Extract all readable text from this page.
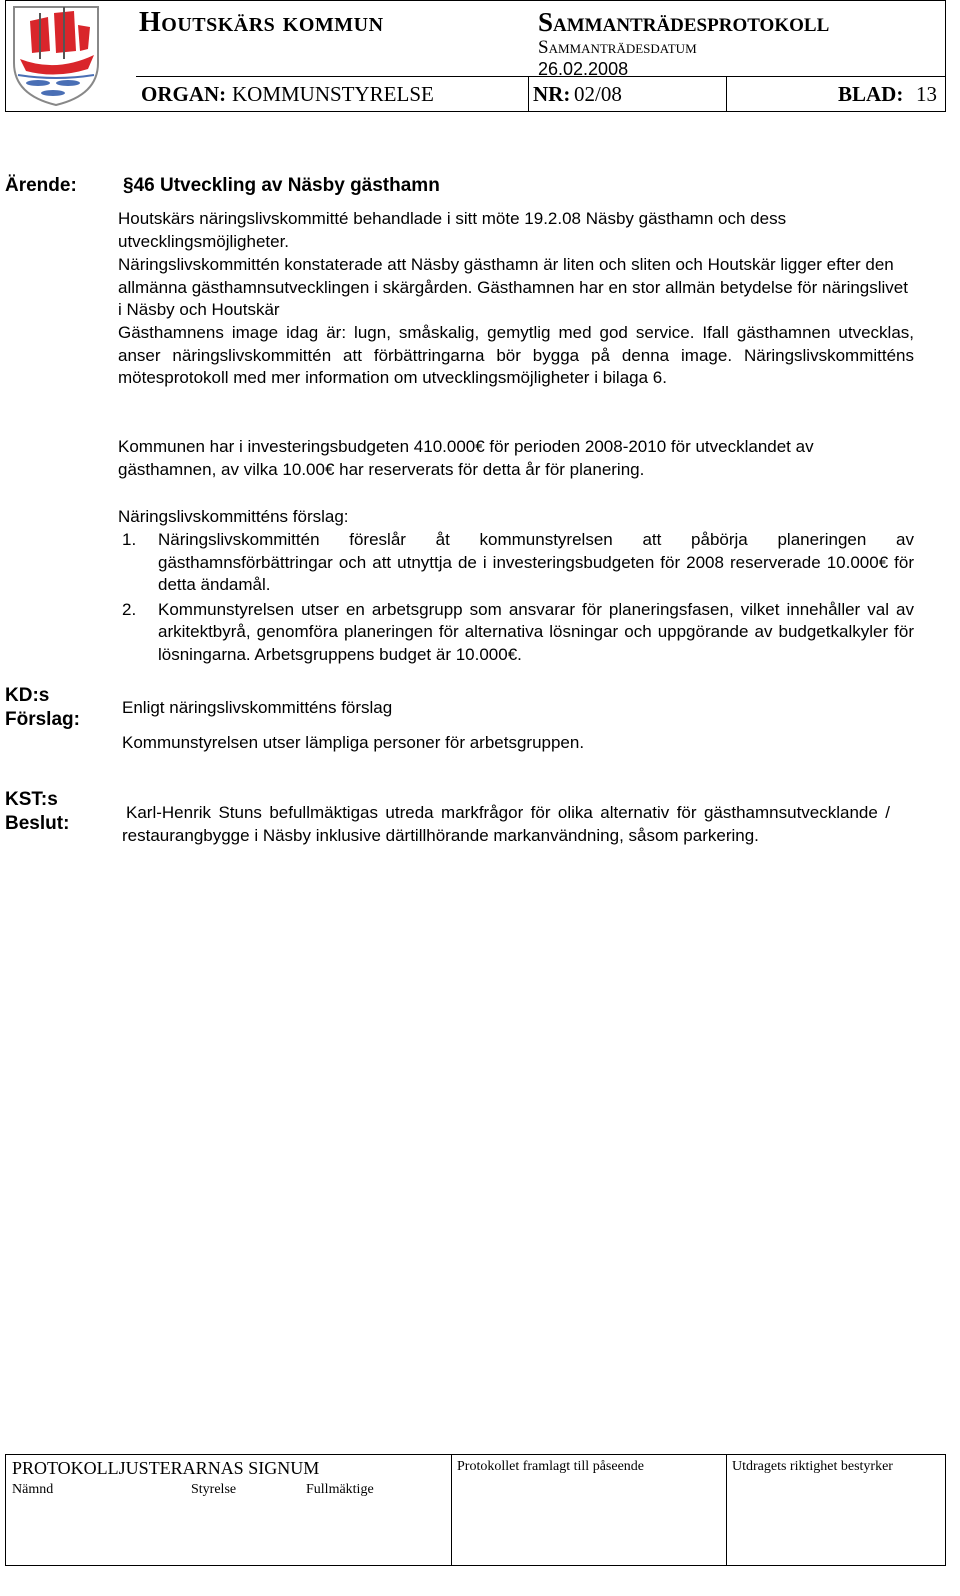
Houtskärs kommun	Sammanträdesprotokoll
Sammanträdesdatum
26.02.2008
ORGAN: KOMMUNSTYRELSE	NR: 02/08	BLAD: 13
Ärende: §46 Utveckling av Näsby gästhamn
Houtskärs näringslivskommitté behandlade i sitt möte 19.2.08 Näsby gästhamn och dess utvecklingsmöjligheter.
Näringslivskommittén konstaterade att Näsby gästhamn är liten och sliten och Houtskär ligger efter den allmänna gästhamnsutvecklingen i skärgården. Gästhamnen har en stor allmän betydelse för näringslivet i Näsby och Houtskär
Gästhamnens image idag är: lugn, småskalig, gemytlig med god service. Ifall gästhamnen utvecklas, anser näringslivskommittén att förbättringarna bör bygga på denna image. Näringslivskommitténs mötesprotokoll med mer information om utvecklingsmöjligheter i bilaga 6.
Kommunen har i investeringsbudgeten 410.000€ för perioden 2008-2010 för utvecklandet av gästhamnen, av vilka 10.00€ har reserverats för detta år för planering.
Näringslivskommitténs förslag:
1. Näringslivskommittén föreslår åt kommunstyrelsen att påbörja planeringen av gästhamnsförbättringar och att utnyttja de i investeringsbudgeten för 2008 reserverade 10.000€ för detta ändamål.
2. Kommunstyrelsen utser en arbetsgrupp som ansvarar för planeringsfasen, vilket innehåller val av arkitektbyrå, genomföra planeringen för alternativa lösningar och uppgörande av budgetkalkyler för lösningarna. Arbetsgruppens budget är 10.000€.
KD:s Förslag:
Enligt näringslivskommitténs förslag
Kommunstyrelsen utser lämpliga personer för arbetsgruppen.
KST:s Beslut:
Karl-Henrik Stuns befullmäktigas utreda markfrågor för olika alternativ för gästhamnsutvecklande / restaurangbygge i Näsby inklusive därtillhörande markanvändning, såsom parkering.
PROTOKOLLJUSTERARNAS SIGNUM
Nämnd	Styrelse	Fullmäktige
Protokollet framlagt till påseende	Utdragets riktighet bestyrker
